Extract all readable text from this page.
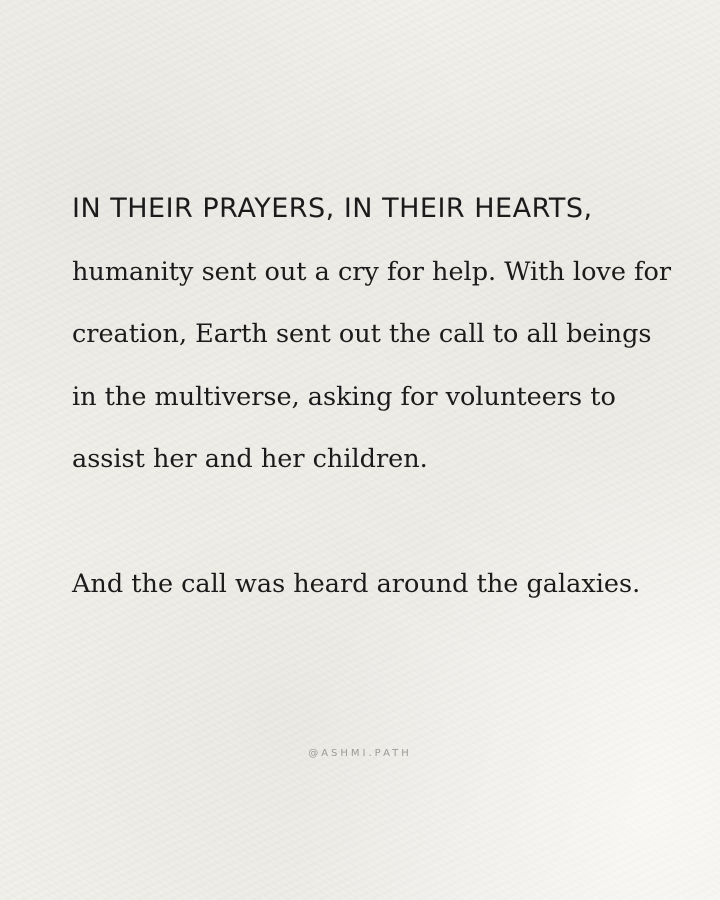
IN THEIR PRAYERS, IN THEIR HEARTS, humanity sent out a cry for help. With love for creation, Earth sent out the call to all beings in the multiverse, asking for volunteers to assist her and her children.

And the call was heard around the galaxies.

@ASHMI.PATH
